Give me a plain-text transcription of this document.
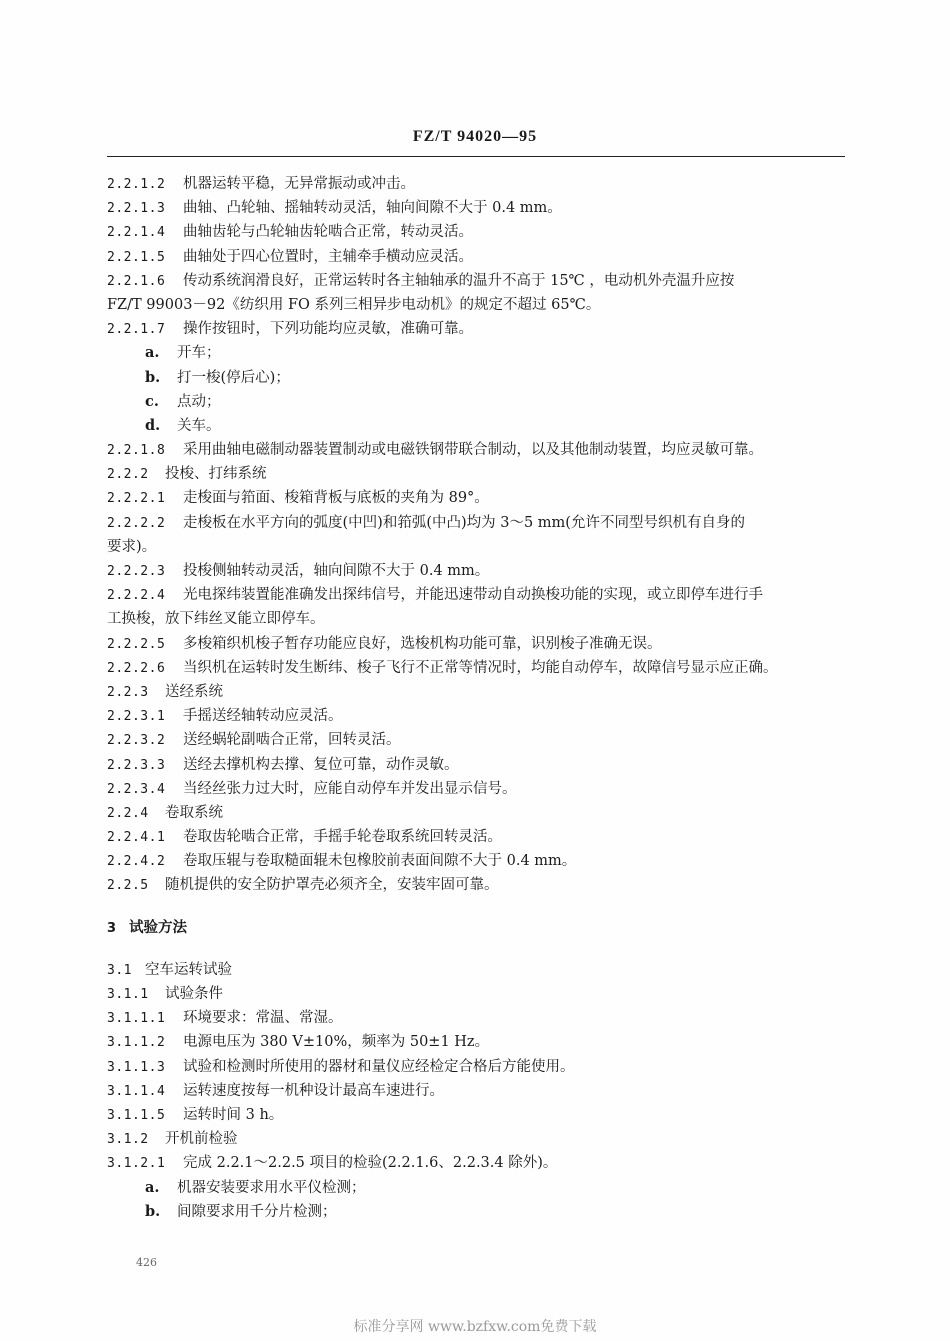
FZ/T 94020—95
2.2.1.2 机器运转平稳，无异常振动或冲击。
2.2.1.3 曲轴、凸轮轴、摇轴转动灵活，轴向间隙不大于 0.4 mm。
2.2.1.4 曲轴齿轮与凸轮轴齿轮啮合正常，转动灵活。
2.2.1.5 曲轴处于四心位置时，主辅牵手横动应灵活。
2.2.1.6 传动系统润滑良好，正常运转时各主轴轴承的温升不高于 15℃ ，电动机外壳温升应按
FZ/T 99003－92《纺织用 FO 系列三相异步电动机》的规定不超过 65℃。
2.2.1.7 操作按钮时，下列功能均应灵敏，准确可靠。
a. 开车；
b. 打一梭(停后心)；
c. 点动；
d. 关车。
2.2.1.8 采用曲轴电磁制动器装置制动或电磁铁钢带联合制动，以及其他制动装置，均应灵敏可靠。
2.2.2 投梭、打纬系统
2.2.2.1 走梭面与筘面、梭箱背板与底板的夹角为 89°。
2.2.2.2 走梭板在水平方向的弧度(中凹)和筘弧(中凸)均为 3～5 mm(允许不同型号织机有自身的
要求)。
2.2.2.3 投梭侧轴转动灵活，轴向间隙不大于 0.4 mm。
2.2.2.4 光电探纬装置能准确发出探纬信号，并能迅速带动自动换梭功能的实现，或立即停车进行手
工换梭，放下纬丝叉能立即停车。
2.2.2.5 多梭箱织机梭子暂存功能应良好，选梭机构功能可靠，识别梭子准确无误。
2.2.2.6 当织机在运转时发生断纬、梭子飞行不正常等情况时，均能自动停车，故障信号显示应正确。
2.2.3 送经系统
2.2.3.1 手摇送经轴转动应灵活。
2.2.3.2 送经蜗轮副啮合正常，回转灵活。
2.2.3.3 送经去撑机构去撑、复位可靠，动作灵敏。
2.2.3.4 当经丝张力过大时，应能自动停车并发出显示信号。
2.2.4 卷取系统
2.2.4.1 卷取齿轮啮合正常，手摇手轮卷取系统回转灵活。
2.2.4.2 卷取压辊与卷取糙面辊未包橡胶前表面间隙不大于 0.4 mm。
2.2.5 随机提供的安全防护罩壳必须齐全，安装牢固可靠。
3 试验方法
3.1 空车运转试验
3.1.1 试验条件
3.1.1.1 环境要求：常温、常湿。
3.1.1.2 电源电压为 380 V±10%，频率为 50±1 Hz。
3.1.1.3 试验和检测时所使用的器材和量仪应经检定合格后方能使用。
3.1.1.4 运转速度按每一机种设计最高车速进行。
3.1.1.5 运转时间 3 h。
3.1.2 开机前检验
3.1.2.1 完成 2.2.1～2.2.5 项目的检验(2.2.1.6、2.2.3.4 除外)。
a. 机器安装要求用水平仪检测；
b. 间隙要求用千分片检测；
426
标准分享网 www.bzfxw.com免费下载
